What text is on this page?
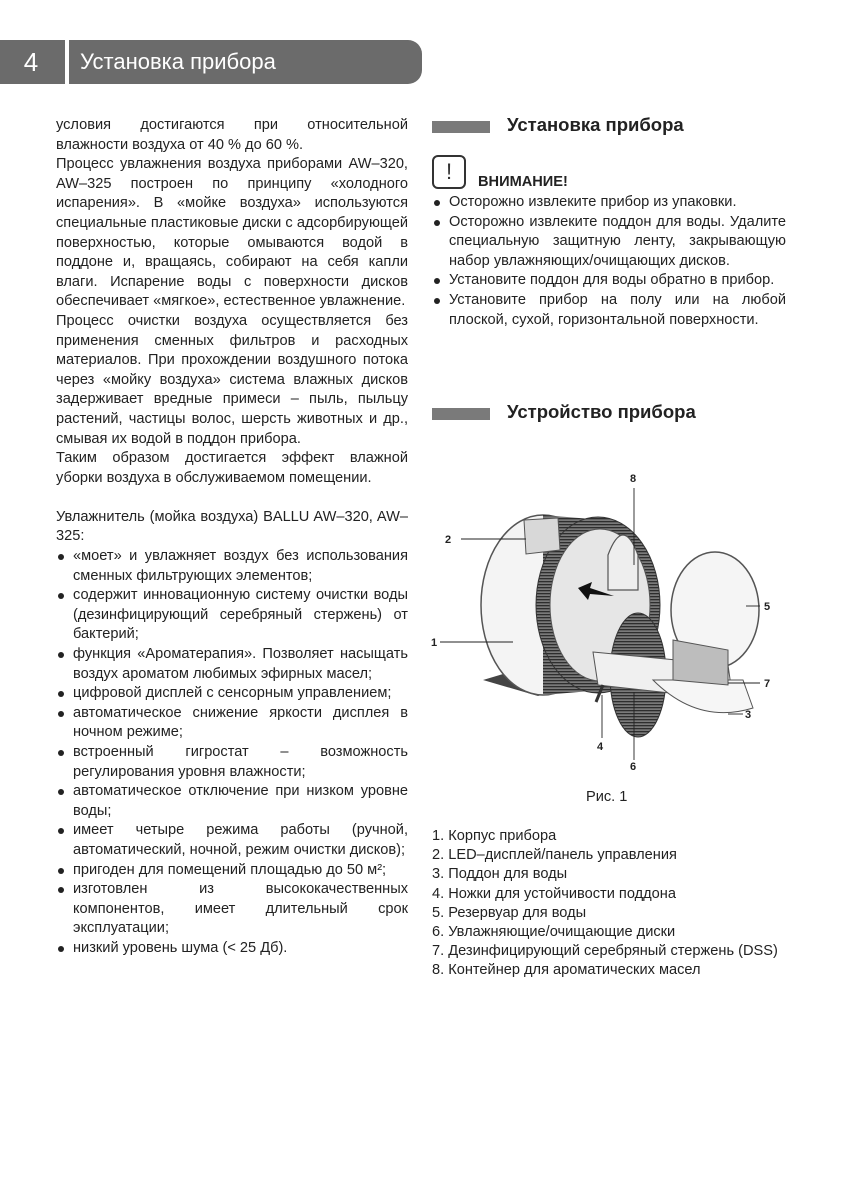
4	Установка прибора

условия достигаются при относительной влажности воздуха от 40 % до 60 %.

Процесс увлажнения воздуха приборами AW–320, AW–325 построен по принципу «холодного испарения». В «мойке воздуха» используются специальные пластиковые диски с адсорбирующей поверхностью, которые омываются водой в поддоне и, вращаясь, собирают на себя капли влаги. Испарение воды с поверхности дисков обеспечивает «мягкое», естественное увлажнение.

Процесс очистки воздуха осуществляется без применения сменных фильтров и расходных материалов. При прохождении воздушного потока через «мойку воздуха» система влажных дисков задерживает вредные примеси – пыль, пыльцу растений, частицы волос, шерсть животных и др., смывая их водой в поддон прибора.

Таким образом достигается эффект влажной уборки воздуха в обслуживаемом помещении.

Увлажнитель (мойка воздуха) BALLU AW–320, AW–325:

«моет» и увлажняет воздух без использования сменных фильтрующих элементов;
содержит инновационную систему очистки воды (дезинфицирующий серебряный стержень) от бактерий;
функция «Ароматерапия». Позволяет насыщать воздух ароматом любимых эфирных масел;
цифровой дисплей с сенсорным управлением;
автоматическое снижение яркости дисплея в ночном режиме;
встроенный гигростат – возможность регулирования уровня влажности;
автоматическое отключение при низком уровне воды;
имеет четыре режима работы (ручной, автоматический, ночной, режим очистки дисков);
пригоден для помещений площадью до 50 м²;
изготовлен из высококачественных компонентов, имеет длительный срок эксплуатации;
низкий уровень шума (< 25 Дб).
Установка прибора
!	ВНИМАНИЕ!
Осторожно извлеките прибор из упаковки.
Осторожно извлеките поддон для воды. Удалите специальную защитную ленту, закрывающую набор увлажняющих/очищающих дисков.
Установите поддон для воды обратно в прибор.
Установите прибор на полу или на любой плоской, сухой, горизонтальной поверхности.
Устройство прибора
1
2
3
4
5
6
7
8
Рис. 1
1. Корпус прибора
2. LED–дисплей/панель управления
3. Поддон для воды
4. Ножки для устойчивости поддона
5. Резервуар для воды
6. Увлажняющие/очищающие диски
7. Дезинфицирующий серебряный стержень (DSS)
8. Контейнер для ароматических масел
